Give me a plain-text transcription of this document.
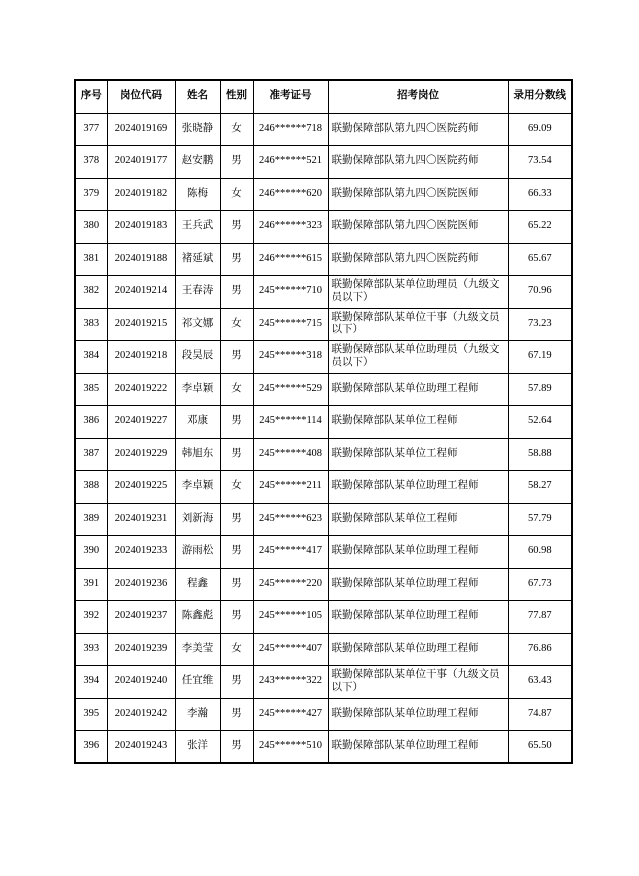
序号	岗位代码	姓名	性别	准考证号	招考岗位	录用分数线
377	2024019169	张晓静	女	246******718	联勤保障部队第九四〇医院药师	69.09
378	2024019177	赵安鹏	男	246******521	联勤保障部队第九四〇医院药师	73.54
379	2024019182	陈梅	女	246******620	联勤保障部队第九四〇医院医师	66.33
380	2024019183	王兵武	男	246******323	联勤保障部队第九四〇医院医师	65.22
381	2024019188	褚延斌	男	246******615	联勤保障部队第九四〇医院药师	65.67
382	2024019214	王春涛	男	245******710	联勤保障部队某单位助理员（九级文员以下）	70.96
383	2024019215	祁文娜	女	245******715	联勤保障部队某单位干事（九级文员以下）	73.23
384	2024019218	段昊辰	男	245******318	联勤保障部队某单位助理员（九级文员以下）	67.19
385	2024019222	李卓颖	女	245******529	联勤保障部队某单位助理工程师	57.89
386	2024019227	邓康	男	245******114	联勤保障部队某单位工程师	52.64
387	2024019229	韩旭东	男	245******408	联勤保障部队某单位工程师	58.88
388	2024019225	李卓颖	女	245******211	联勤保障部队某单位助理工程师	58.27
389	2024019231	刘新海	男	245******623	联勤保障部队某单位工程师	57.79
390	2024019233	游雨松	男	245******417	联勤保障部队某单位助理工程师	60.98
391	2024019236	程鑫	男	245******220	联勤保障部队某单位助理工程师	67.73
392	2024019237	陈鑫彪	男	245******105	联勤保障部队某单位助理工程师	77.87
393	2024019239	李美莹	女	245******407	联勤保障部队某单位助理工程师	76.86
394	2024019240	任宜维	男	243******322	联勤保障部队某单位干事（九级文员以下）	63.43
395	2024019242	李瀚	男	245******427	联勤保障部队某单位助理工程师	74.87
396	2024019243	张洋	男	245******510	联勤保障部队某单位助理工程师	65.50
